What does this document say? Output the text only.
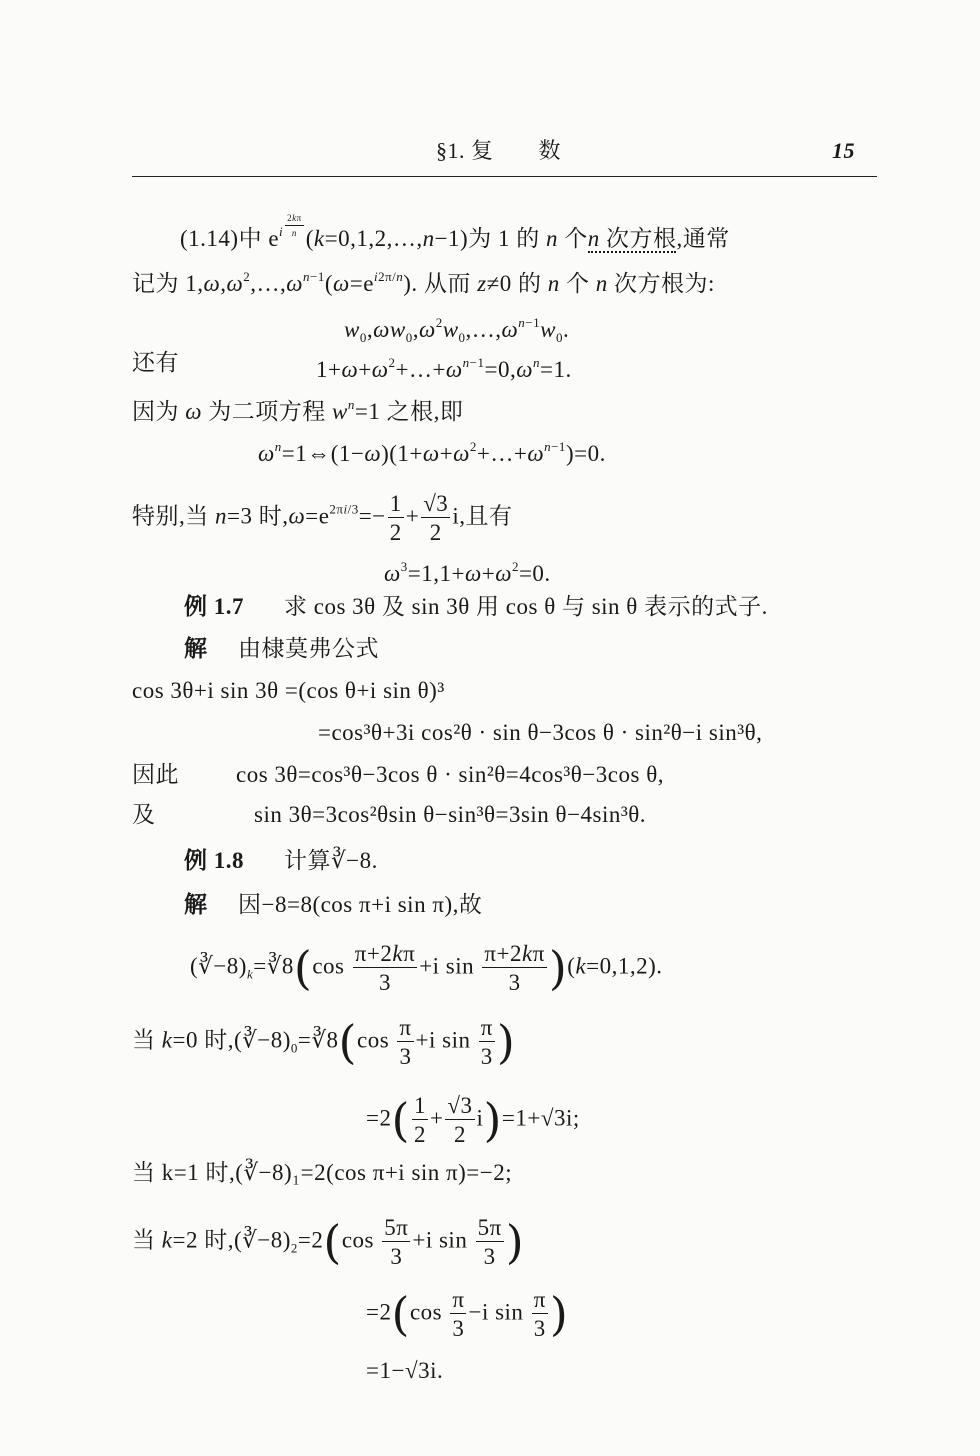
§1. 复　　数	15
(1.14)中 $e^{i \frac{2k\pi}{n}}$ (k=0,1,2,…,n−1)为 1 的 n 个n 次方根,通常
记为 $1,\omega,\omega^2,\dots,\omega^{n-1}(\omega=e^{i2\pi/n})$. 从而 z≠0 的 n 个 n 次方根为:
$w_0,\omega w_0,\omega^2w_0,\dots,\omega^{n-1}w_0$.
还有	$1+\omega+\omega^2+\dots+\omega^{n-1}=0,\omega^n=1$.
因为 ω 为二项方程 $w^n=1$ 之根,即
$\omega^n=1\Leftrightarrow(1-\omega)(1+\omega+\omega^2+\dots+\omega^{n-1})=0$.
特别,当 n=3 时$,\omega=e^{2\pi i/3}=- \frac{1}{2} + \frac{√3}{2} i$,且有
$\omega^3=1,1+\omega+\omega^2=0$.
例 1.7 求 cos 3θ 及 sin 3θ 用 cos θ 与 sin θ 表示的式子.
解 由棣莫弗公式
cos 3θ+i sin 3θ =(cos θ+i sin θ)³
=cos³θ+3i cos²θ · sin θ−3cos θ · sin²θ−i sin³θ,
因此 cos 3θ=cos³θ−3cos θ · sin²θ=4cos³θ−3cos θ,
及	sin 3θ=3cos²θsin θ−sin³θ=3sin θ−4sin³θ.
例 1.8 计算∛−8.
解 因−8=8(cos π+i sin π),故
$(∛-8)_k=∛8(\cos \frac{\pi+2k\pi}{3} +i$ $\sin \frac{\pi+2k\pi}{3} )(k=0,1,2)$.
当 k=0 时$,(∛-8)_0=∛8(\cos \frac{\pi}{3} +i$ $\sin \frac{\pi}{3}$ )
$=2( \frac{1}{2} + \frac{√3}{2} i)=1+√3i$;
当 k=1 时,(∛−8)₁=2(cos π+i sin π)=−2;
当 k=2 时$,(∛-8)_2=2(\cos \frac{5\pi}{3} +i$ $\sin \frac{5\pi}{3}$ )
$=2(\cos \frac{\pi}{3} -i$ $\sin \frac{\pi}{3}$ )
=1−√3i.
